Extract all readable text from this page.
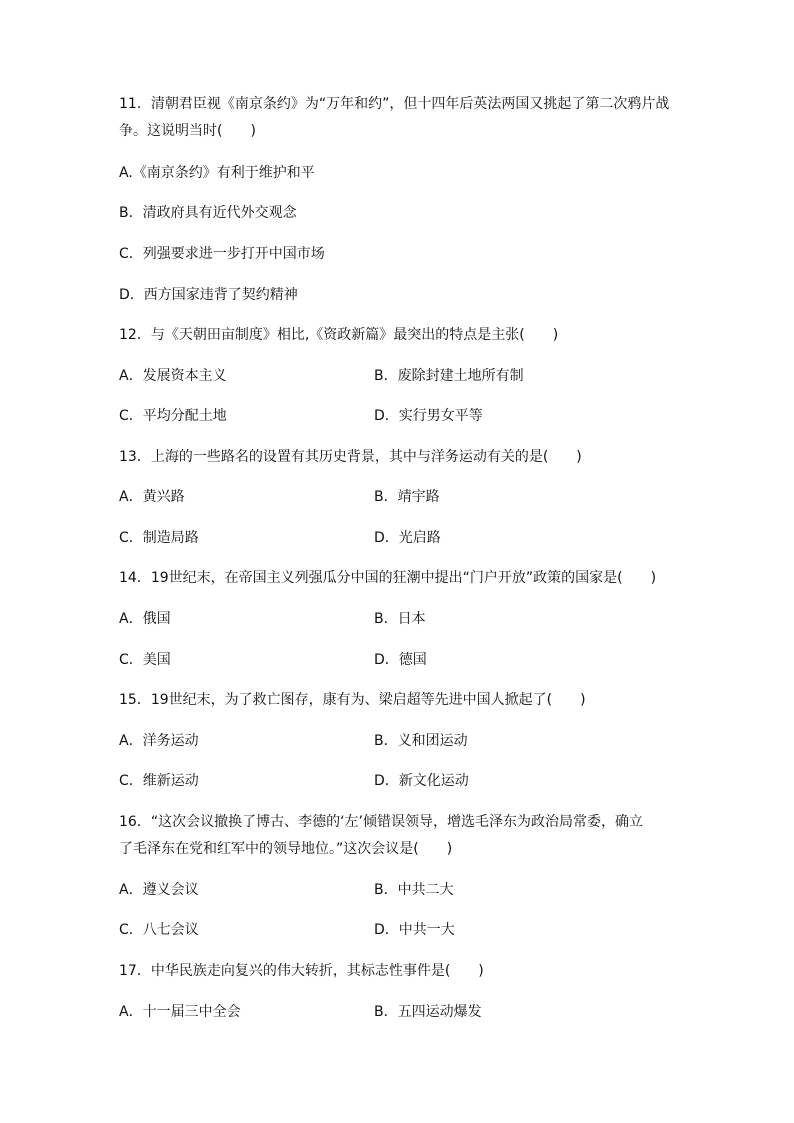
11．清朝君臣视《南京条约》为“万年和约”，但十四年后英法两国又挑起了第二次鸦片战
争。这说明当时(　　)
A.《南京条约》有利于维护和平
B．清政府具有近代外交观念
C．列强要求进一步打开中国市场
D．西方国家违背了契约精神
12．与《天朝田亩制度》相比,《资政新篇》最突出的特点是主张(　　)
A．发展资本主义	B．废除封建土地所有制
C．平均分配土地	D．实行男女平等
13．上海的一些路名的设置有其历史背景，其中与洋务运动有关的是(　　)
A．黄兴路	B．靖宇路
C．制造局路	D．光启路
14．19世纪末，在帝国主义列强瓜分中国的狂潮中提出“门户开放”政策的国家是(　　)
A．俄国	B．日本
C．美国	D．德国
15．19世纪末，为了救亡图存，康有为、梁启超等先进中国人掀起了(　　)
A．洋务运动	B．义和团运动
C．维新运动	D．新文化运动
16．“这次会议撤换了博古、李德的‘左’倾错误领导，增选毛泽东为政治局常委，确立
了毛泽东在党和红军中的领导地位。”这次会议是(　　)
A．遵义会议	B．中共二大
C．八七会议	D．中共一大
17．中华民族走向复兴的伟大转折，其标志性事件是(　　)
A．十一届三中全会	B．五四运动爆发
